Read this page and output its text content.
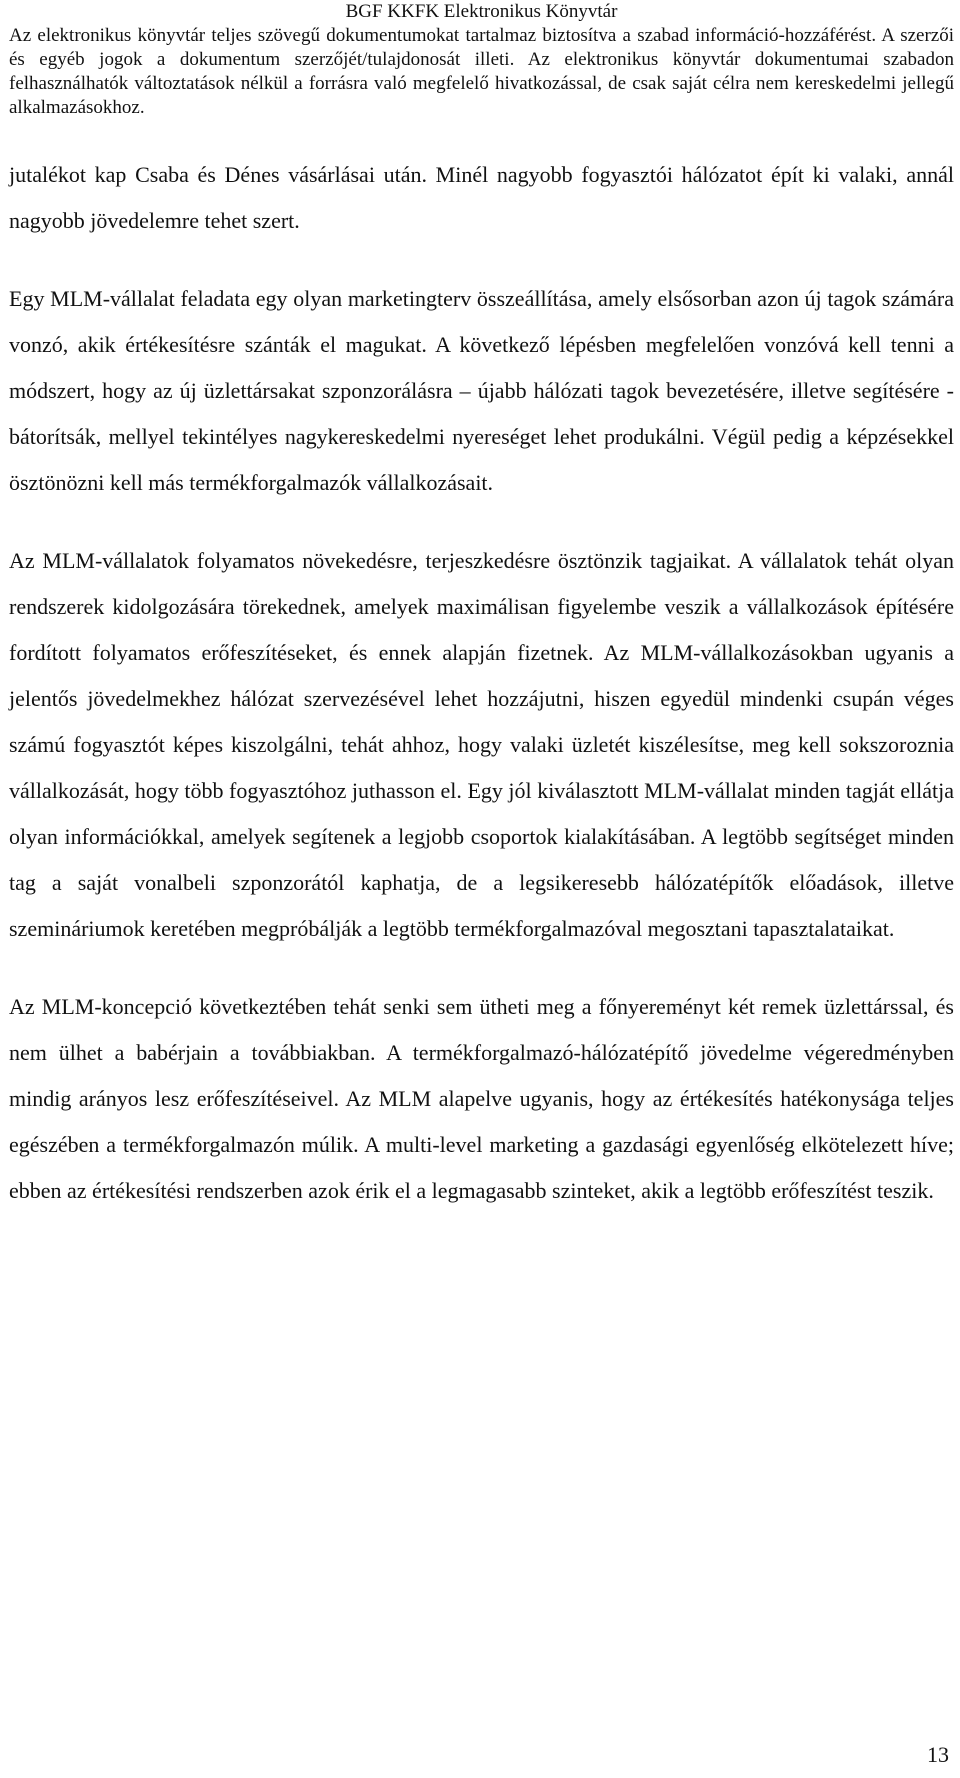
BGF KKFK Elektronikus Könyvtár
Az elektronikus könyvtár teljes szövegű dokumentumokat tartalmaz biztosítva a szabad információ-hozzáférést. A szerzői és egyéb jogok a dokumentum szerzőjét/tulajdonosát illeti. Az elektronikus könyvtár dokumentumai szabadon felhasználhatók változtatások nélkül a forrásra való megfelelő hivatkozással, de csak saját célra nem kereskedelmi jellegű alkalmazásokhoz.

jutalékot kap Csaba és Dénes vásárlásai után. Minél nagyobb fogyasztói hálózatot épít ki valaki, annál nagyobb jövedelemre tehet szert.

Egy MLM-vállalat feladata egy olyan marketingterv összeállítása, amely elsősorban azon új tagok számára vonzó, akik értékesítésre szánták el magukat. A következő lépésben megfelelően vonzóvá kell tenni a módszert, hogy az új üzlettársakat szponzorálásra – újabb hálózati tagok bevezetésére, illetve segítésére - bátorítsák, mellyel tekintélyes nagykereskedelmi nyereséget lehet produkálni. Végül pedig a képzésekkel ösztönözni kell más termékforgalmazók vállalkozásait.

Az MLM-vállalatok folyamatos növekedésre, terjeszkedésre ösztönzik tagjaikat. A vállalatok tehát olyan rendszerek kidolgozására törekednek, amelyek maximálisan figyelembe veszik a vállalkozások építésére fordított folyamatos erőfeszítéseket, és ennek alapján fizetnek. Az MLM-vállalkozásokban ugyanis a jelentős jövedelmekhez hálózat szervezésével lehet hozzájutni, hiszen egyedül mindenki csupán véges számú fogyasztót képes kiszolgálni, tehát ahhoz, hogy valaki üzletét kiszélesítse, meg kell sokszoroznia vállalkozását, hogy több fogyasztóhoz juthasson el. Egy jól kiválasztott MLM-vállalat minden tagját ellátja olyan információkkal, amelyek segítenek a legjobb csoportok kialakításában. A legtöbb segítséget minden tag a saját vonalbeli szponzorától kaphatja, de a legsikeresebb hálózatépítők előadások, illetve szemináriumok keretében megpróbálják a legtöbb termékforgalmazóval megosztani tapasztalataikat.

Az MLM-koncepció következtében tehát senki sem ütheti meg a főnyereményt két remek üzlettárssal, és nem ülhet a babérjain a továbbiakban. A termékforgalmazó-hálózatépítő jövedelme végeredményben mindig arányos lesz erőfeszítéseivel. Az MLM alapelve ugyanis, hogy az értékesítés hatékonysága teljes egészében a termékforgalmazón múlik. A multi-level marketing a gazdasági egyenlőség elkötelezett híve; ebben az értékesítési rendszerben azok érik el a legmagasabb szinteket, akik a legtöbb erőfeszítést teszik.

13
